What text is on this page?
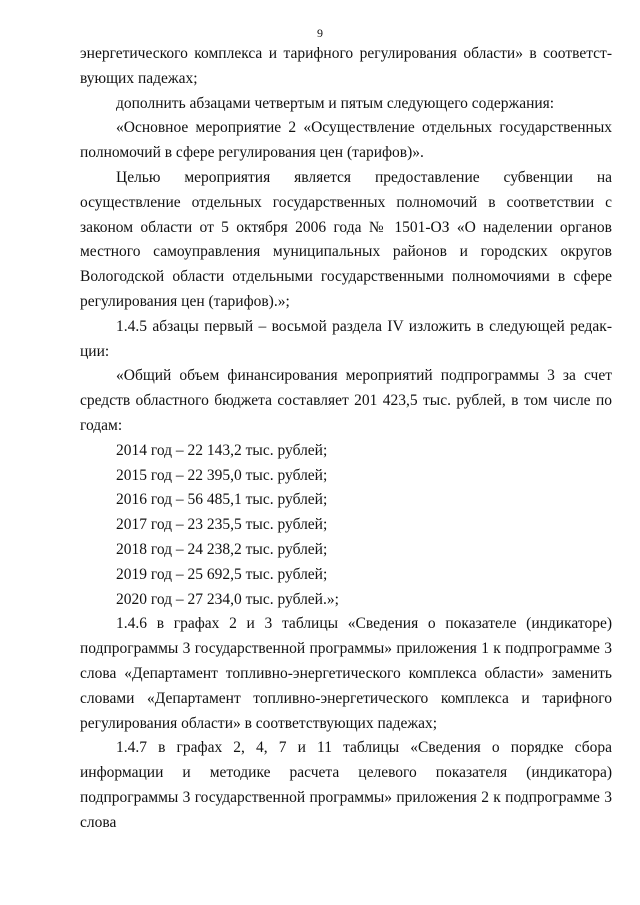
9

энергетического комплекса и тарифного регулирования области» в соответст-вующих падежах;

дополнить абзацами четвертым и пятым следующего содержания:

«Основное мероприятие 2 «Осуществление отдельных государственных полномочий в сфере регулирования цен (тарифов)».

Целью мероприятия является предоставление субвенции на осуществление отдельных государственных полномочий в соответствии с законом области от 5 октября 2006 года № 1501-ОЗ «О наделении органов местного самоуправления муниципальных районов и городских округов Вологодской области отдельными государственными полномочиями в сфере регулирования цен (тарифов).»;

1.4.5 абзацы первый – восьмой раздела IV изложить в следующей редак-ции:

«Общий объем финансирования мероприятий подпрограммы 3 за счет средств областного бюджета составляет 201 423,5 тыс. рублей, в том числе по годам:

2014 год – 22 143,2 тыс. рублей;

2015 год – 22 395,0 тыс. рублей;

2016 год – 56 485,1 тыс. рублей;

2017 год – 23 235,5 тыс. рублей;

2018 год – 24 238,2 тыс. рублей;

2019 год – 25 692,5 тыс. рублей;

2020 год – 27 234,0 тыс. рублей.»;

1.4.6 в графах 2 и 3 таблицы «Сведения о показателе (индикаторе) подпрограммы 3 государственной программы» приложения 1 к подпрограмме 3 слова «Департамент топливно-энергетического комплекса области» заменить словами «Департамент топливно-энергетического комплекса и тарифного регулирования области» в соответствующих падежах;

1.4.7 в графах 2, 4, 7 и 11 таблицы «Сведения о порядке сбора информации и методике расчета целевого показателя (индикатора) подпрограммы 3 государственной программы» приложения 2 к подпрограмме 3 слова
